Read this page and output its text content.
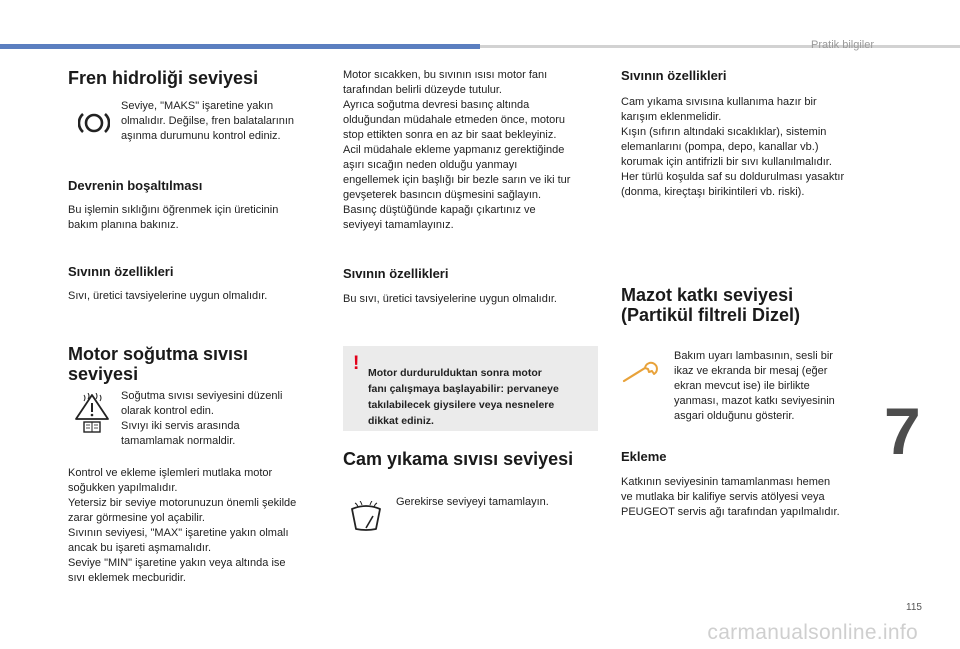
Pratik bilgiler
Fren hidroliği seviyesi

Seviye, "MAKS" işaretine yakın
olmalıdır. Değilse, fren balatalarının
aşınma durumunu kontrol ediniz.

Devrenin boşaltılması

Bu işlemin sıklığını öğrenmek için üreticinin
bakım planına bakınız.

Sıvının özellikleri

Sıvı, üretici tavsiyelerine uygun olmalıdır.

Motor soğutma sıvısı
seviyesi

Soğutma sıvısı seviyesini düzenli
olarak kontrol edin.
Sıvıyı iki servis arasında
tamamlamak normaldir.

Kontrol ve ekleme işlemleri mutlaka motor
soğukken yapılmalıdır.
Yetersiz bir seviye motorunuzun önemli şekilde
zarar görmesine yol açabilir.
Sıvının seviyesi, "MAX" işaretine yakın olmalı
ancak bu işareti aşmamalıdır.
Seviye "MIN" işaretine yakın veya altında ise
sıvı eklemek mecburidir.

Motor sıcakken, bu sıvının ısısı motor fanı
tarafından belirli düzeyde tutulur.
Ayrıca soğutma devresi basınç altında
olduğundan müdahale etmeden önce, motoru
stop ettikten sonra en az bir saat bekleyiniz.
Acil müdahale ekleme yapmanız gerektiğinde
aşırı sıcağın neden olduğu yanmayı
engellemek için başlığı bir bezle sarın ve iki tur
gevşeterek basıncın düşmesini sağlayın.
Basınç düştüğünde kapağı çıkartınız ve
seviyeyi tamamlayınız.

Sıvının özellikleri

Bu sıvı, üretici tavsiyelerine uygun olmalıdır.

! Motor durdurulduktan sonra motor
fanı çalışmaya başlayabilir: pervaneye
takılabilecek giysilere veya nesnelere
dikkat ediniz.

Cam yıkama sıvısı seviyesi

Gerekirse seviyeyi tamamlayın.

Sıvının özellikleri

Cam yıkama sıvısına kullanıma hazır bir
karışım eklenmelidir.
Kışın (sıfırın altındaki sıcaklıklar), sistemin
elemanlarını (pompa, depo, kanallar vb.)
korumak için antifrizli bir sıvı kullanılmalıdır.
Her türlü koşulda saf su doldurulması yasaktır
(donma, kireçtaşı birikintileri vb. riski).

Mazot katkı seviyesi
(Partikül filtreli Dizel)

Bakım uyarı lambasının, sesli bir
ikaz ve ekranda bir mesaj (eğer
ekran mevcut ise) ile birlikte
yanması, mazot katkı seviyesinin
asgari olduğunu gösterir.

Ekleme

Katkının seviyesinin tamamlanması hemen
ve mutlaka bir kalifiye servis atölyesi veya
PEUGEOT servis ağı tarafından yapılmalıdır.

7
115
carmanualsonline.info
